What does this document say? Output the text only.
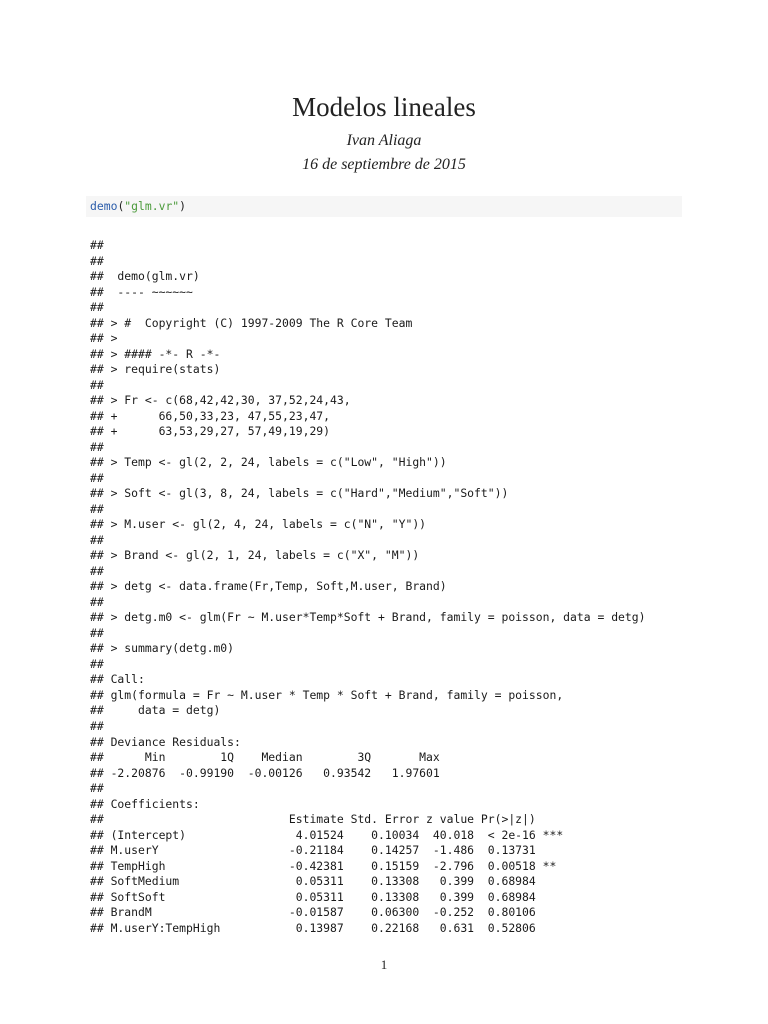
Modelos lineales
Ivan Aliaga
16 de septiembre de 2015
demo("glm.vr")
##
##
##  demo(glm.vr)
##  ---- ~~~~~~
##
## > #  Copyright (C) 1997-2009 The R Core Team
## >
## > #### -*- R -*-
## > require(stats)
##
## > Fr <- c(68,42,42,30, 37,52,24,43,
## +      66,50,33,23, 47,55,23,47,
## +      63,53,29,27, 57,49,19,29)
##
## > Temp <- gl(2, 2, 24, labels = c("Low", "High"))
##
## > Soft <- gl(3, 8, 24, labels = c("Hard","Medium","Soft"))
##
## > M.user <- gl(2, 4, 24, labels = c("N", "Y"))
##
## > Brand <- gl(2, 1, 24, labels = c("X", "M"))
##
## > detg <- data.frame(Fr,Temp, Soft,M.user, Brand)
##
## > detg.m0 <- glm(Fr ~ M.user*Temp*Soft + Brand, family = poisson, data = detg)
##
## > summary(detg.m0)
##
## Call:
## glm(formula = Fr ~ M.user * Temp * Soft + Brand, family = poisson,
##     data = detg)
##
## Deviance Residuals:
##      Min        1Q    Median        3Q       Max
## -2.20876  -0.99190  -0.00126   0.93542   1.97601
##
## Coefficients:
##                           Estimate Std. Error z value Pr(>|z|)
## (Intercept)                4.01524    0.10034  40.018  < 2e-16 ***
## M.userY                   -0.21184    0.14257  -1.486  0.13731
## TempHigh                  -0.42381    0.15159  -2.796  0.00518 **
## SoftMedium                 0.05311    0.13308   0.399  0.68984
## SoftSoft                   0.05311    0.13308   0.399  0.68984
## BrandM                    -0.01587    0.06300  -0.252  0.80106
## M.userY:TempHigh           0.13987    0.22168   0.631  0.52806
1
